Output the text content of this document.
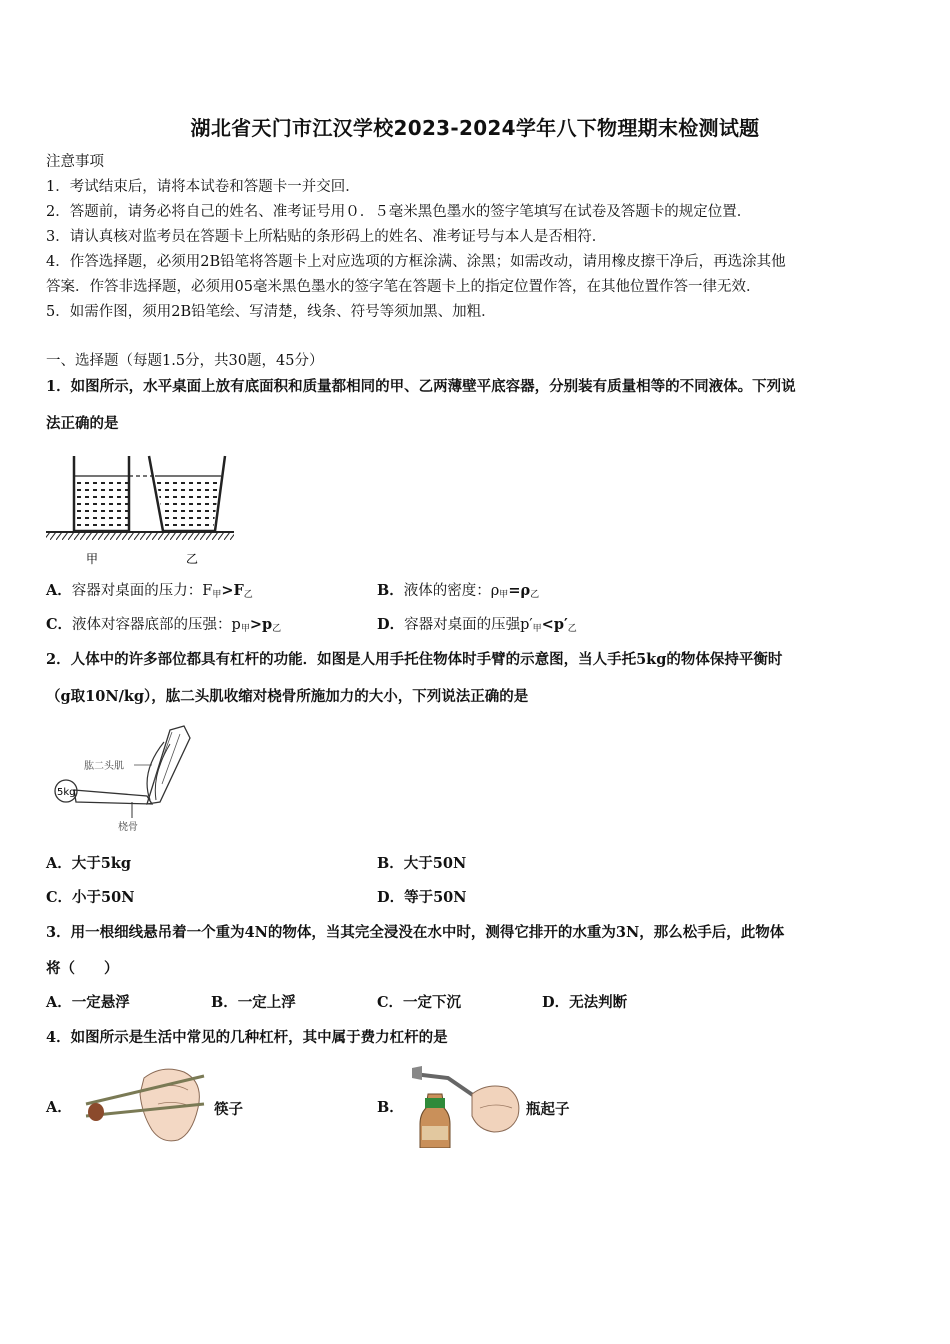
湖北省天门市江汉学校2023-2024学年八下物理期末检测试题
注意事项
1．考试结束后，请将本试卷和答题卡一并交回．
2．答题前，请务必将自己的姓名、准考证号用０．５毫米黑色墨水的签字笔填写在试卷及答题卡的规定位置．
3．请认真核对监考员在答题卡上所粘贴的条形码上的姓名、准考证号与本人是否相符．
4．作答选择题，必须用2B铅笔将答题卡上对应选项的方框涂满、涂黑；如需改动，请用橡皮擦干净后，再选涂其他
答案．作答非选择题，必须用05毫米黑色墨水的签字笔在答题卡上的指定位置作答，在其他位置作答一律无效．
5．如需作图，须用2B铅笔绘、写清楚，线条、符号等须加黑、加粗．
一、选择题（每题1.5分，共30题，45分）
1．如图所示，水平桌面上放有底面积和质量都相同的甲、乙两薄壁平底容器，分别装有质量相等的不同液体。下列说
法正确的是
甲	乙
A．容器对桌面的压力：$F_甲>F_乙$	B．液体的密度：$\rho_甲=\rho_乙$
C．液体对容器底部的压强：$p_甲>p_乙$	D．容器对桌面的压强$p'_甲<p'_乙$
2．人体中的许多部位都具有杠杆的功能．如图是人用手托住物体时手臂的示意图，当人手托5kg的物体保持平衡时
（g取10N/kg），肱二头肌收缩对桡骨所施加力的大小，下列说法正确的是
5kg
肱二头肌
桡骨
A．大于5kg	B．大于50N
C．小于50N	D．等于50N
3．用一根细线悬吊着一个重为4N的物体，当其完全浸没在水中时，测得它排开的水重为3N，那么松手后，此物体
将（　　）
A．一定悬浮	B．一定上浮	C．一定下沉	D．无法判断
4．如图所示是生活中常见的几种杠杆，其中属于费力杠杆的是
A．	筷子	B．	瓶起子
